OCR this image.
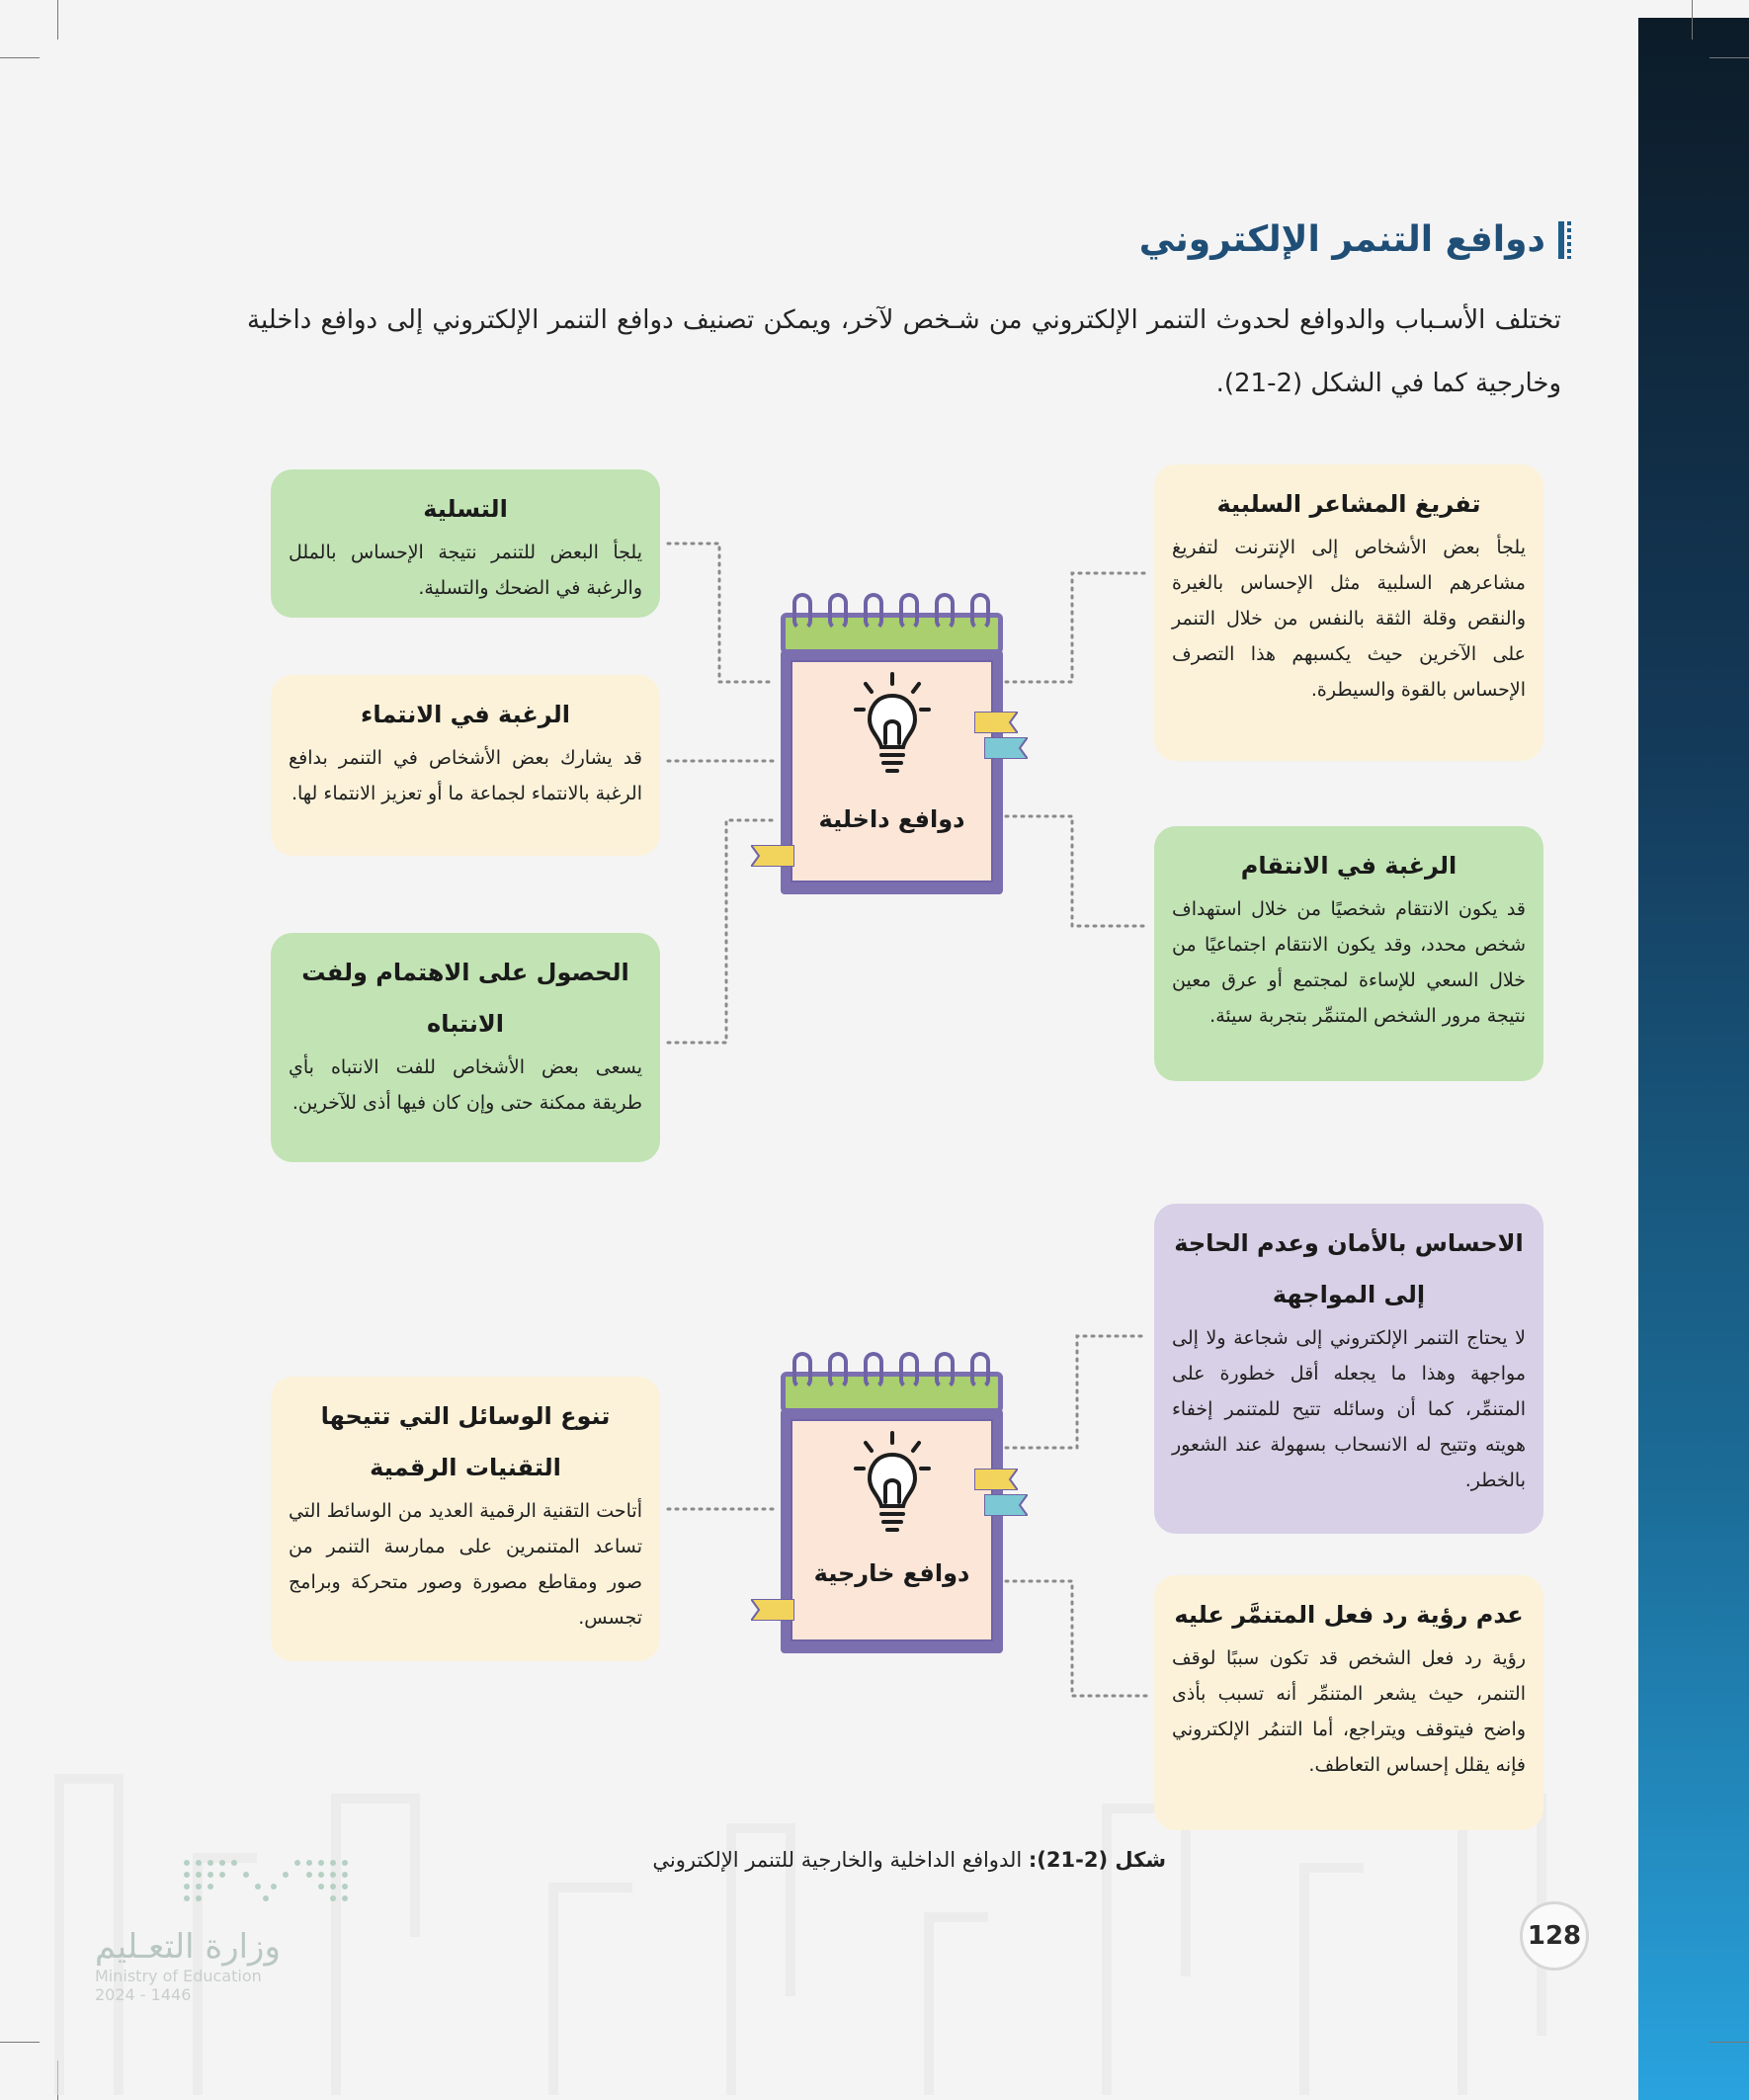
دوافع التنمر الإلكتروني

تختلف الأسـباب والدوافع لحدوث التنمر الإلكتروني من شـخص لآخر، ويمكن تصنيف دوافع التنمر الإلكتروني إلى دوافع داخلية وخارجية كما في الشكل (2-21).

التسلية

يلجأ البعض للتنمر نتيجة الإحساس بالملل والرغبة في الضحك والتسلية.

الرغبة في الانتماء

قد يشارك بعض الأشخاص في التنمر بدافع الرغبة بالانتماء لجماعة ما أو تعزيز الانتماء لها.

الحصول على الاهتمام ولفت الانتباه

يسعى بعض الأشخاص للفت الانتباه بأي طريقة ممكنة حتى وإن كان فيها أذى للآخرين.

تفريغ المشاعر السلبية

يلجأ بعض الأشخاص إلى الإنترنت لتفريغ مشاعرهم السلبية مثل الإحساس بالغيرة والنقص وقلة الثقة بالنفس من خلال التنمر على الآخرين حيث يكسبهم هذا التصرف الإحساس بالقوة والسيطرة.

الرغبة في الانتقام

قد يكون الانتقام شخصيًا من خلال استهداف شخص محدد، وقد يكون الانتقام اجتماعيًا من خلال السعي للإساءة لمجتمع أو عرق معين نتيجة مرور الشخص المتنمِّر بتجربة سيئة.

دوافع داخلية
تنوع الوسائل التي تتيحها التقنيات الرقمية

أتاحت التقنية الرقمية العديد من الوسائط التي تساعد المتنمرين على ممارسة التنمر من صور ومقاطع مصورة وصور متحركة وبرامج تجسس.

الاحساس بالأمان وعدم الحاجة إلى المواجهة

لا يحتاج التنمر الإلكتروني إلى شجاعة ولا إلى مواجهة وهذا ما يجعله أقل خطورة على المتنمِّر، كما أن وسائله تتيح للمتنمر إخفاء هويته وتتيح له الانسحاب بسهولة عند الشعور بالخطر.

عدم رؤية رد فعل المتنمَّر عليه

رؤية رد فعل الشخص قد تكون سببًا لوقف التنمر، حيث يشعر المتنمِّر أنه تسبب بأذى واضح فيتوقف ويتراجع، أما التنمُر الإلكتروني فإنه يقلل إحساس التعاطف.

دوافع خارجية
شكل (2-21): الدوافع الداخلية والخارجية للتنمر الإلكتروني
وزارة التعـليم
Ministry of Education
2024 - 1446
128
